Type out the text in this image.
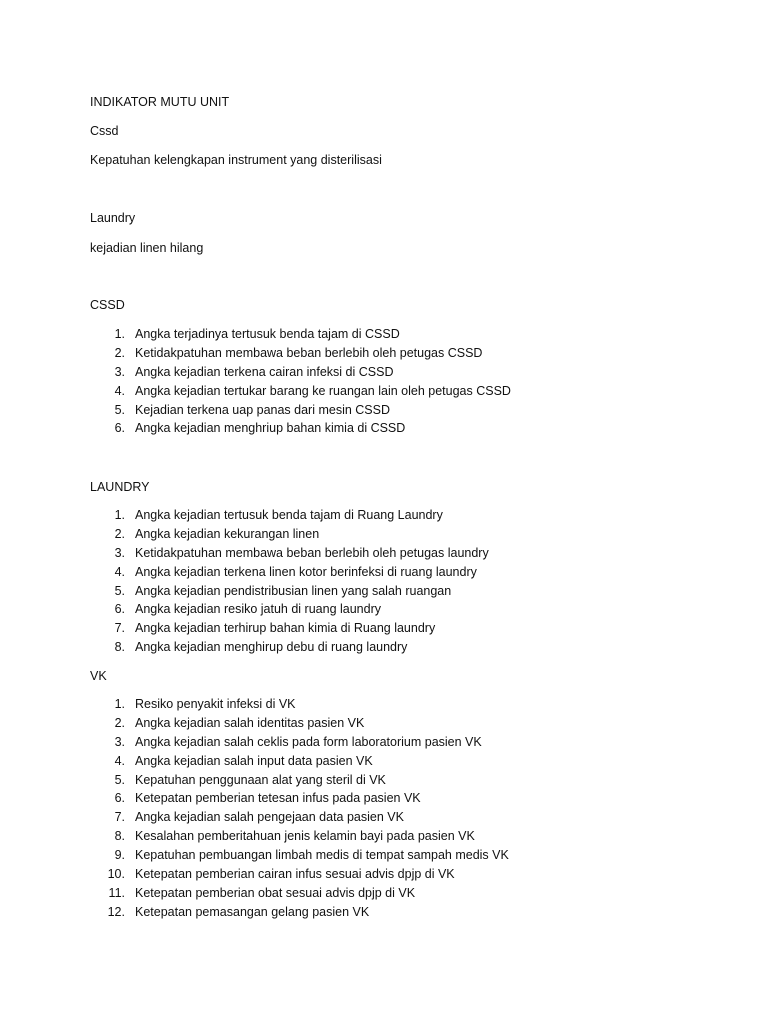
INDIKATOR MUTU UNIT
Cssd
Kepatuhan kelengkapan instrument yang disterilisasi
Laundry
kejadian linen hilang
CSSD
1. Angka terjadinya tertusuk benda tajam di CSSD
2. Ketidakpatuhan membawa beban berlebih oleh petugas CSSD
3. Angka kejadian terkena cairan infeksi di CSSD
4. Angka kejadian tertukar barang ke ruangan lain oleh petugas CSSD
5. Kejadian terkena uap panas dari mesin CSSD
6. Angka kejadian menghriup bahan kimia di CSSD
LAUNDRY
1. Angka kejadian tertusuk benda tajam di Ruang Laundry
2. Angka kejadian kekurangan linen
3. Ketidakpatuhan membawa beban berlebih oleh petugas laundry
4. Angka kejadian terkena linen kotor berinfeksi di ruang laundry
5. Angka kejadian pendistribusian linen yang salah ruangan
6. Angka kejadian resiko jatuh di ruang laundry
7. Angka kejadian terhirup bahan kimia di Ruang laundry
8. Angka kejadian menghirup debu di ruang laundry
VK
1. Resiko penyakit infeksi di VK
2. Angka kejadian salah identitas pasien VK
3. Angka kejadian salah ceklis pada form laboratorium pasien VK
4. Angka kejadian salah input data pasien VK
5. Kepatuhan penggunaan alat yang steril di VK
6. Ketepatan pemberian tetesan infus pada pasien VK
7. Angka kejadian salah pengejaan data pasien VK
8. Kesalahan pemberitahuan jenis kelamin bayi pada pasien VK
9. Kepatuhan pembuangan limbah medis di tempat sampah medis VK
10. Ketepatan pemberian cairan infus sesuai advis dpjp di VK
11. Ketepatan pemberian obat sesuai advis dpjp di VK
12. Ketepatan pemasangan gelang pasien VK
